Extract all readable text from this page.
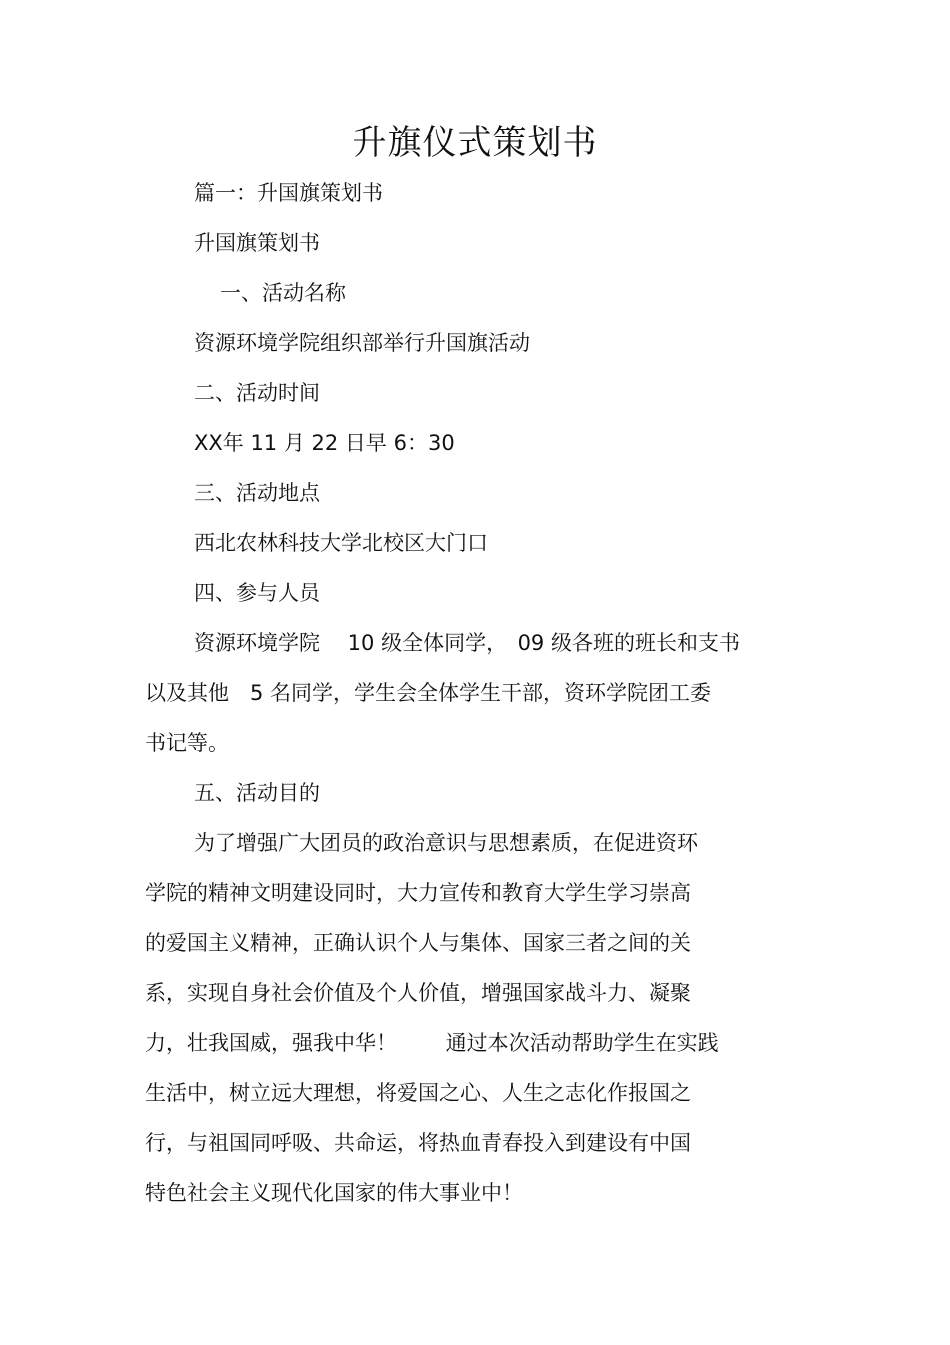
升旗仪式策划书
篇一：升国旗策划书
升国旗策划书
一、活动名称
资源环境学院组织部举行升国旗活动
二、活动时间
XX年 11 月 22 日早 6：30
三、活动地点
西北农林科技大学北校区大门口
四、参与人员
资源环境学院　 10 级全体同学，　09 级各班的班长和支书
以及其他　5 名同学，学生会全体学生干部，资环学院团工委
书记等。
五、活动目的
为了增强广大团员的政治意识与思想素质，在促进资环
学院的精神文明建设同时，大力宣传和教育大学生学习崇高
的爱国主义精神，正确认识个人与集体、国家三者之间的关
系，实现自身社会价值及个人价值，增强国家战斗力、凝聚
力，壮我国威，强我中华！　　 通过本次活动帮助学生在实践
生活中，树立远大理想，将爱国之心、人生之志化作报国之
行，与祖国同呼吸、共命运，将热血青春投入到建设有中国
特色社会主义现代化国家的伟大事业中！
